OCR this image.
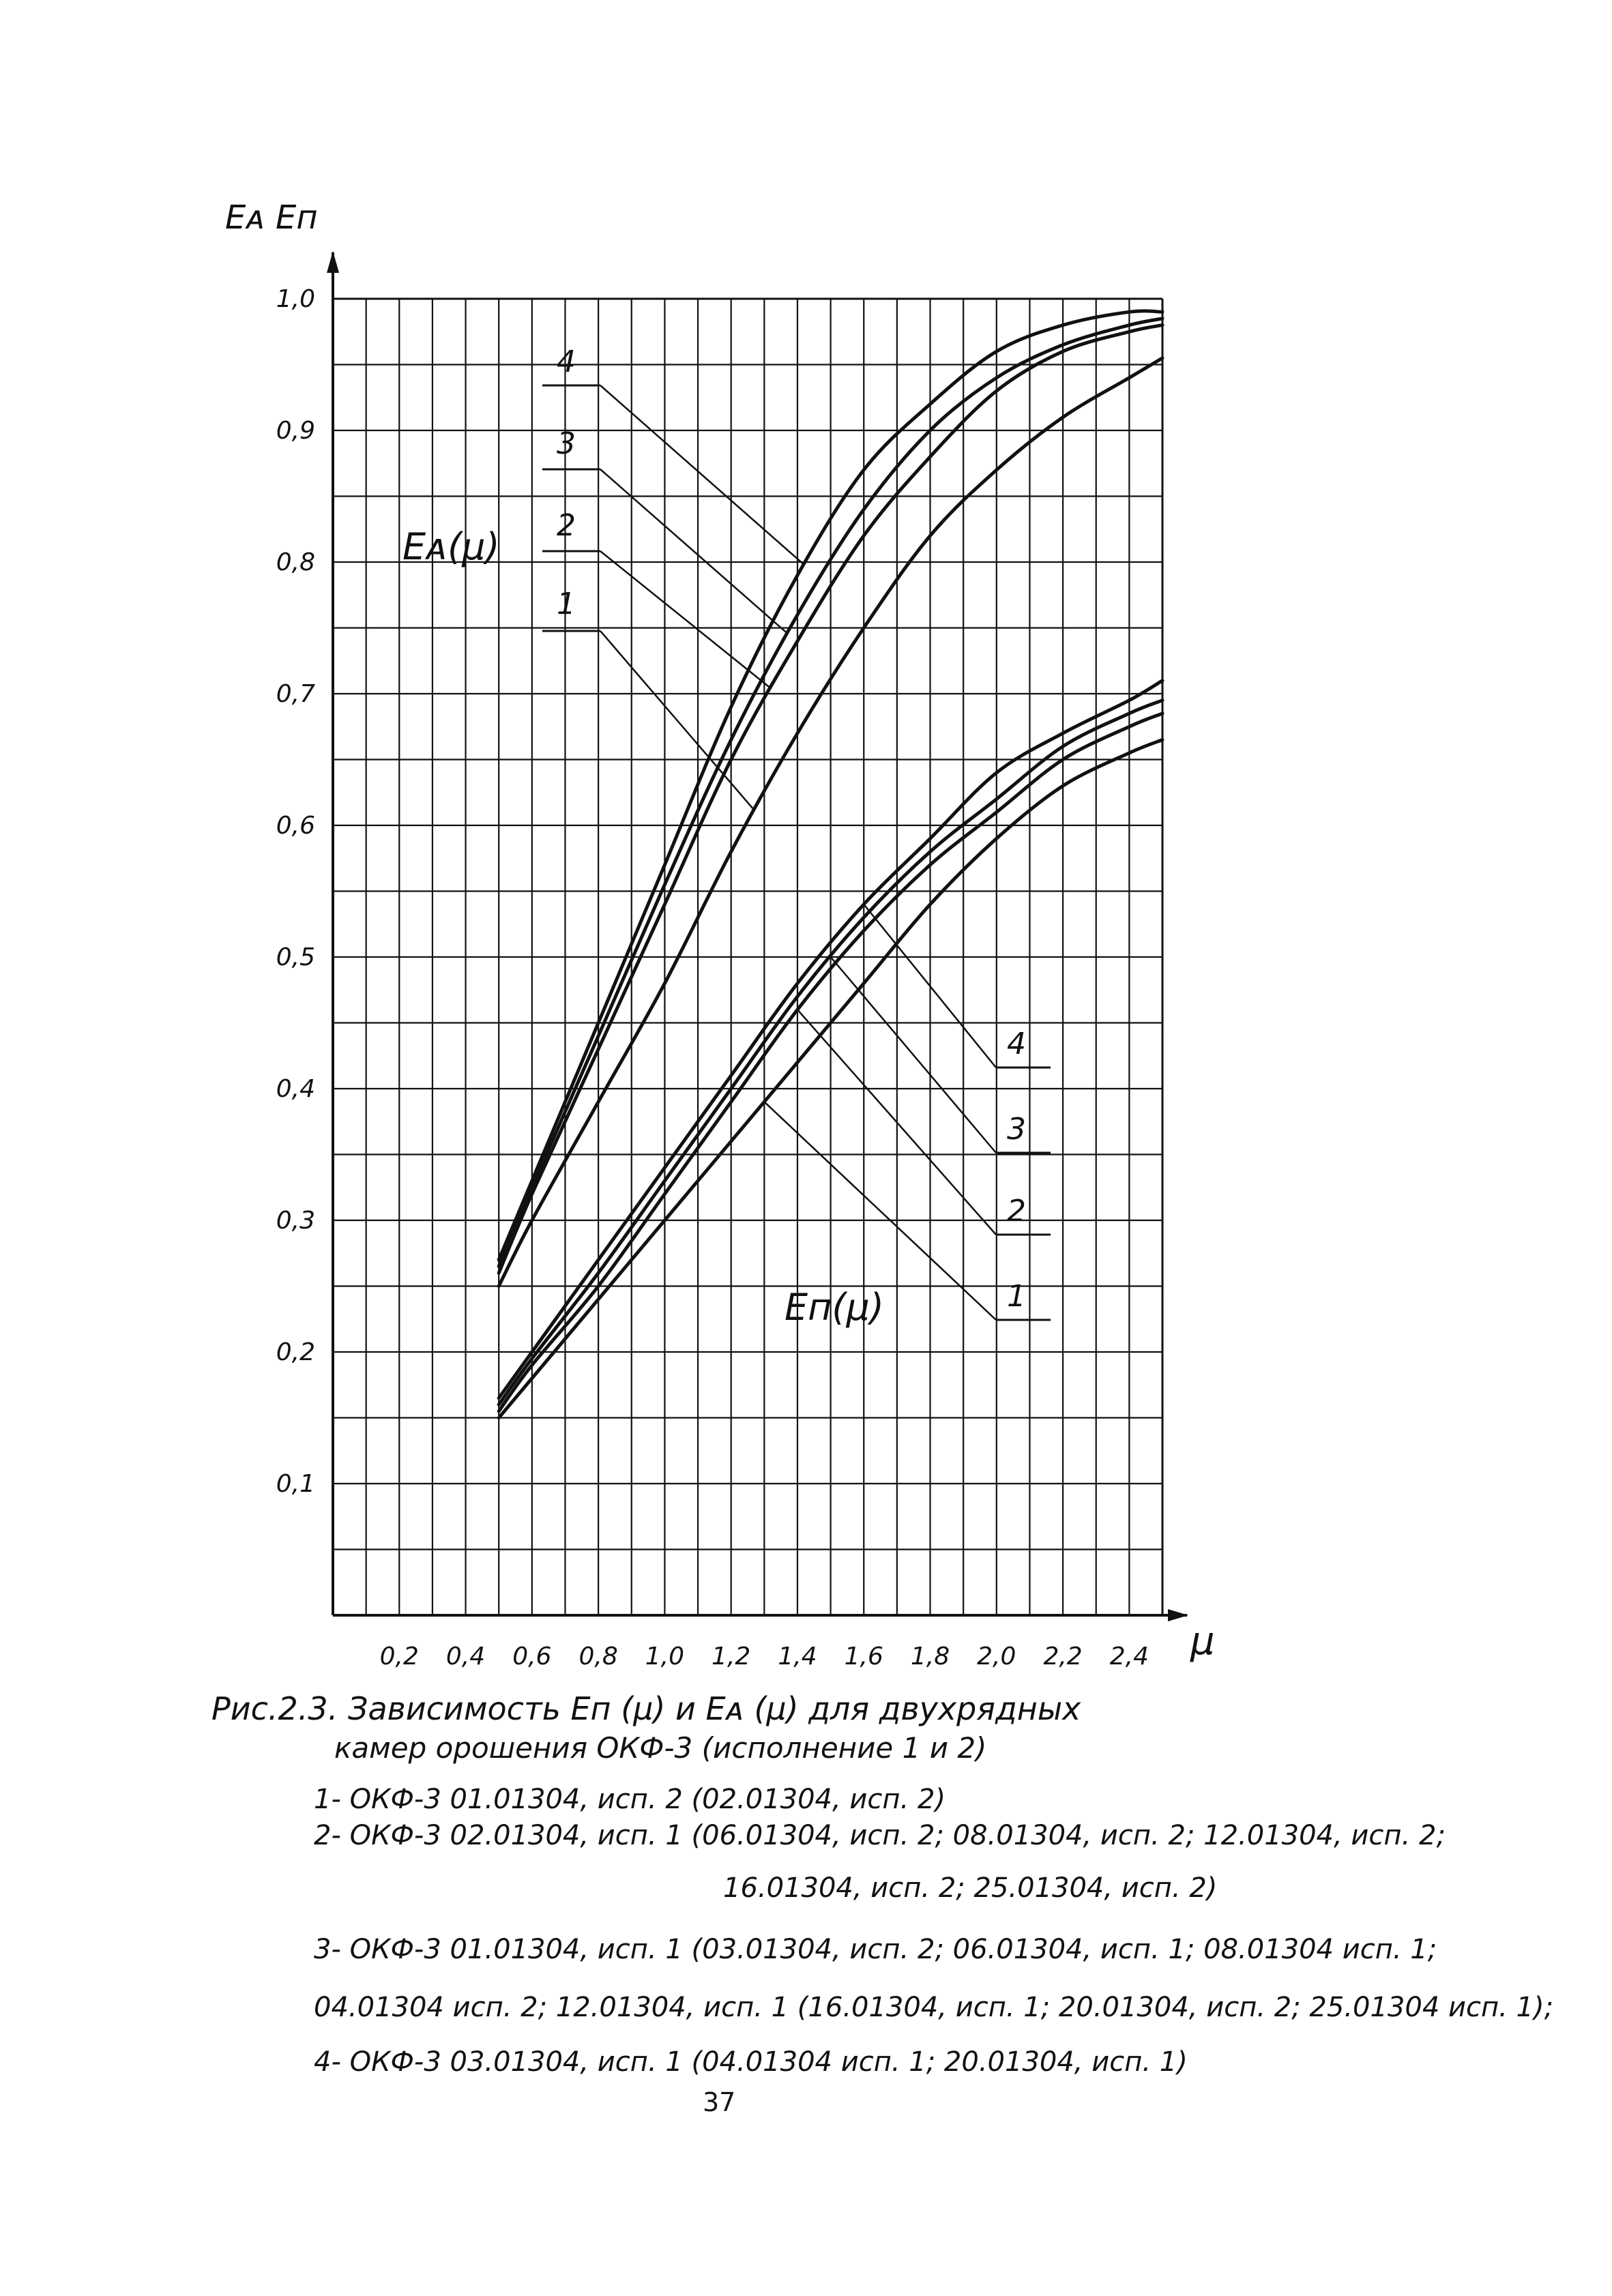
0,2 0,4 0,6 0,8 1,0 1,2 1,4 1,6 1,8 2,0 2,2 2,4
0,1
0,2
0,3
0,4
0,5
0,6
0,7
0,8
0,9
1,0
1
2
3
4
1
2
3
4
Eᴀ Eп
μ
Eᴀ(μ)
Eп(μ)
Рис.2.3. Зависимость Eп (μ) и Eᴀ (μ) для двухрядных
камер орошения ОКФ-3 (исполнение 1 и 2)
1- ОКФ-3 01.01304, исп. 2 (02.01304, исп. 2)
2- ОКФ-3 02.01304, исп. 1 (06.01304, исп. 2; 08.01304, исп. 2; 12.01304, исп. 2;
16.01304, исп. 2; 25.01304, исп. 2)
3- ОКФ-3 01.01304, исп. 1 (03.01304, исп. 2; 06.01304, исп. 1; 08.01304 исп. 1;
04.01304 исп. 2; 12.01304, исп. 1 (16.01304, исп. 1; 20.01304, исп. 2; 25.01304 исп. 1);
4- ОКФ-3 03.01304, исп. 1 (04.01304 исп. 1; 20.01304, исп. 1)
37
